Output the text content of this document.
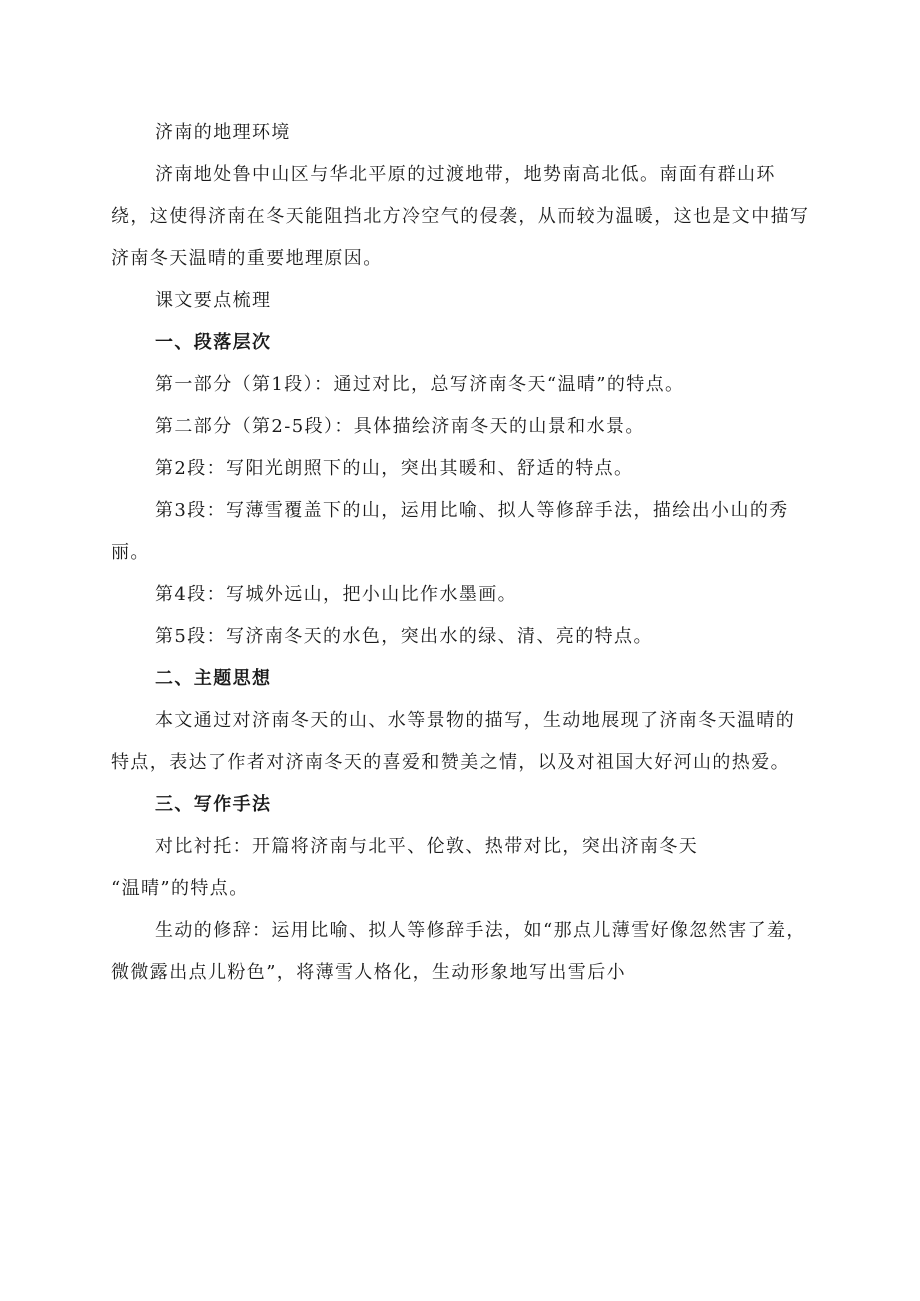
济南的地理环境

济南地处鲁中山区与华北平原的过渡地带，地势南高北低。南面有群山环绕，这使得济南在冬天能阻挡北方冷空气的侵袭，从而较为温暖，这也是文中描写济南冬天温晴的重要地理原因。

课文要点梳理

一、段落层次

第一部分（第1段）：通过对比，总写济南冬天“温晴”的特点。

第二部分（第2-5段）：具体描绘济南冬天的山景和水景。

第2段：写阳光朗照下的山，突出其暖和、舒适的特点。

第3段：写薄雪覆盖下的山，运用比喻、拟人等修辞手法，描绘出小山的秀丽。

第4段：写城外远山，把小山比作水墨画。

第5段：写济南冬天的水色，突出水的绿、清、亮的特点。

二、主题思想

本文通过对济南冬天的山、水等景物的描写，生动地展现了济南冬天温晴的特点，表达了作者对济南冬天的喜爱和赞美之情，以及对祖国大好河山的热爱。

三、写作手法

对比衬托：开篇将济南与北平、伦敦、热带对比，突出济南冬天

“温晴”的特点。

生动的修辞：运用比喻、拟人等修辞手法，如“那点儿薄雪好像忽然害了羞，微微露出点儿粉色”，将薄雪人格化，生动形象地写出雪后小
